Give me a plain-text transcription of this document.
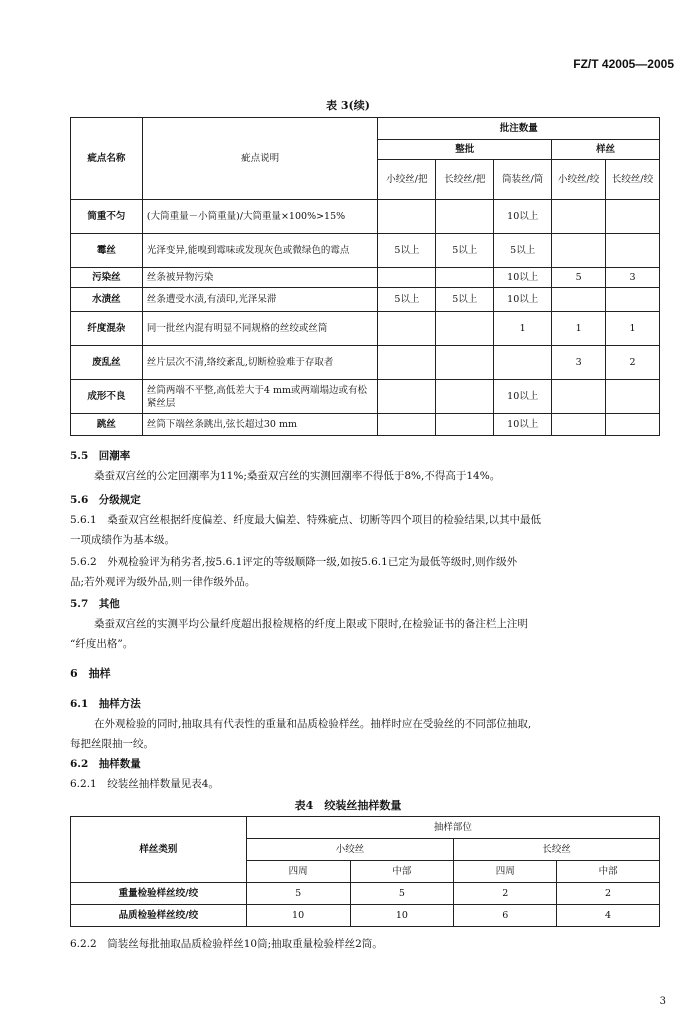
FZ/T 42005—2005
表 3(续)
疵点名称	疵点说明	批注数量				
		整批			样丝	
		小绞丝/把	长绞丝/把	筒装丝/筒	小绞丝/绞	长绞丝/绞
筒重不匀	(大筒重量－小筒重量)/大筒重量×100%>15%			10以上		
霉丝	光泽变异,能嗅到霉味或发现灰色或微绿色的霉点	5以上	5以上	5以上		
污染丝	丝条被异物污染			10以上	5	3
水渍丝	丝条遭受水渍,有渍印,光泽呆滞	5以上	5以上	10以上		
纤度混杂	同一批丝内混有明显不同规格的丝绞或丝筒			1	1	1
废乱丝	丝片层次不清,络绞紊乱,切断检验难于存取者				3	2
成形不良	丝筒两端不平整,高低差大于4 mm或两端塌边或有松紧丝层			10以上		
跳丝	丝筒下端丝条跳出,弦长超过30 mm			10以上		
5.5　 回潮率
桑蚕双宫丝的公定回潮率为11%;桑蚕双宫丝的实测回潮率不得低于8%,不得高于14%。
5.6　 分级规定
5.6.1　桑蚕双宫丝根据纤度偏差、纤度最大偏差、特殊疵点、切断等四个项目的检验结果,以其中最低
一项成绩作为基本级。
5.6.2　外观检验评为稍劣者,按5.6.1评定的等级顺降一级,如按5.6.1已定为最低等级时,则作级外
品;若外观评为级外品,则一律作级外品。
5.7　 其他
桑蚕双宫丝的实测平均公量纤度超出报检规格的纤度上限或下限时,在检验证书的备注栏上注明
“纤度出格”。
6　 抽样
6.1　 抽样方法
在外观检验的同时,抽取具有代表性的重量和品质检验样丝。抽样时应在受验丝的不同部位抽取,
每把丝限抽一绞。
6.2　 抽样数量
6.2.1　绞装丝抽样数量见表4。
表4　绞装丝抽样数量
样丝类别	抽样部位			
	小绞丝		长绞丝	
	四周	中部	四周	中部
重量检验样丝绞/绞	5	5	2	2
品质检验样丝绞/绞	10	10	6	4
6.2.2　筒装丝每批抽取品质检验样丝10筒;抽取重量检验样丝2筒。
3
